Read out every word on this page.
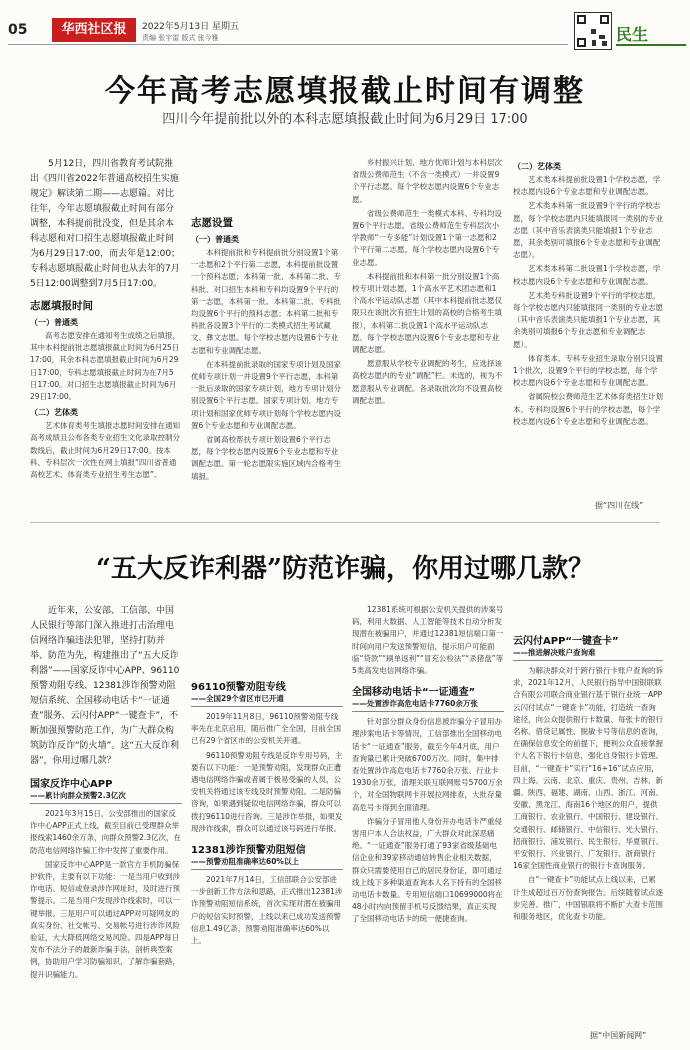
05	华西社区报	2022年5月13日 星期五
责编 张宇雷 版式 张今雅	民生
今年高考志愿填报截止时间有调整
四川今年提前批以外的本科志愿填报截止时间为6月29日 17:00

5月12日，四川省教育考试院推出《四川省2022年普通高校招生实施规定》解读第二期——志愿篇。对比往年，今年志愿填报截止时间有部分调整，本科提前批没变，但是其余本科志愿和对口招生志愿填报截止时间为6月29日17:00，而去年是12:00；专科志愿填报截止时间也从去年的7月5日12:00调整到7月5日17:00。

志愿填报时间
（一）普通类

高考志愿安排在通知考生成绩之后填报，其中本科提前批志愿填报截止时间为6月25日17:00，其余本科志愿填报截止时间为6月29日17:00，专科志愿填报截止时间为在7月5日17:00。对口招生志愿填报截止时间为6月29日17:00。

（二）艺体类

艺术体育类考生填报志愿时间安排在通知高考成绩且公布各类专业招生文化录取控制分数线后，截止时间为6月29日17:00。按本科、专科层次一次性在网上填报“四川省普通高校艺术、体育类专业招生考生志愿”。

志愿设置
（一）普通类

本科提前批和专科提前批分别设置1个第一志愿和2个平行第二志愿，本科提前批设置一个预科志愿；本科第一批、本科第二批、专科批、对口招生本科和专科均设置9个平行的第一志愿，本科第一批、本科第二批、专科批均设置6个平行的预科志愿；本科第二批和专科批各设置3个平行的二类模式招生考试藏文、彝文志愿。每个学校志愿内设置6个专业志愿和专业调配志愿。

在本科提前批录取的国家专项计划及国家优师专项计划一并设置9个平行志愿，本科第一批后录取的国家专项计划，地方专项计划分别设置6个平行志愿。国家专项计划、地方专项计划和国家优师专项计划每个学校志愿内设置6个专业志愿和专业调配志愿。

省属高校帮扶专项计划设置6个平行志愿，每个学校志愿内设置6个专业志愿和专业调配志愿。第一轮志愿限实施区域内合格考生填报。

乡村振兴计划、地方优师计划与本科层次省级公费师范生（不含一类模式）一并设置9个平行志愿。每个学校志愿内设置6个专业志愿。

省级公费师范生一类模式本科、专科均设置6个平行志愿。省级公费师范生专科层次小学教师“一专多能”计划设置1个第一志愿和2个平行第二志愿。每个学校志愿内设置6个专业志愿。

本科提前批和本科第一批分别设置1个高校专项计划志愿，1个高水平艺术团志愿和1个高水平运动队志愿（其中本科提前批志愿仅限只在该批次有招生计划的高校的合格考生填报），本科第二批设置1个高水平运动队志愿。每个学校志愿内设置6个专业志愿和专业调配志愿。

愿意服从学校专业调配的考生，应选择该高校志愿内的专业“调配”栏。未选的，视为不愿意服从专业调配。各录取批次均不设置高校调配志愿。

（二）艺体类

艺术类本科提前批设置1个学校志愿，学校志愿内设6个专业志愿和专业调配志愿。

艺术类本科第一批设置9个平行的学校志愿，每个学校志愿内只能填报同一类别的专业志愿（其中音乐表演类只能填报1个专业志愿，其余类别可填报6个专业志愿和专业调配志愿）。

艺术类本科第二批设置1个学校志愿，学校志愿内设6个专业志愿和专业调配志愿。

艺术类专科批设置9个平行的学校志愿，每个学校志愿内只能填报同一类别的专业志愿（其中音乐表演类只能填报1个专业志愿，其余类别可填报6个专业志愿和专业调配志愿）。

体育类本、专科专业招生录取分别只设置1个批次，设置9个平行的学校志愿，每个学校志愿内设6个专业志愿和专业调配志愿。

省属院校公费师范生艺术体育类招生计划本、专科均设置6个平行的学校志愿，每个学校志愿内设6个专业志愿和专业调配志愿。

据“四川在线”
“五大反诈利器”防范诈骗，你用过哪几款？

近年来，公安部、工信部、中国人民银行等部门深入推进打击治理电信网络诈骗违法犯罪，坚持打防并举、防范为先，构建推出了“五大反诈利器”——国家反诈中心APP、96110预警劝阻专线、12381涉诈预警劝阻短信系统、全国移动电话卡“一证通查”服务、云闪付APP“一键查卡”，不断加强预警防范工作，为广大群众构筑防诈反诈“防火墙”。这“五大反诈利器”，你用过哪几款？

国家反诈中心APP
——累计向群众预警2.3亿次

2021年3月15日，公安部推出的国家反诈中心APP正式上线，截至目前已受理群众举报线索1460余万条，向群众预警2.3亿次，在防范电信网络诈骗工作中发挥了重要作用。

国家反诈中心APP是一款官方手机防骗保护软件，主要有以下功能：一是当用户收到涉诈电话、短信或登录涉诈网址时，及时进行预警提示。二是当用户发现涉诈线索时，可以一键举报。三是用户可以通过APP对可疑网友的真实身份、社交帐号、交易帐号进行涉诈风险验证，大大降低网络交易风险。四是APP每日发布不法分子的最新诈骗手法，剖析典型案例，协助用户学习防骗知识，了解诈骗套路，提升识骗能力。

96110预警劝阻专线
——全国29个省区市已开通

2019年11月8日，96110预警劝阻专线率先在北京启用，随后推广全全国，目前全国已有29个省区市的公安机关开通。

96110预警劝阻专线是反诈专用号码，主要有以下功能：一是预警劝阻，发现群众正遭遇电信网络诈骗或者属于极易受骗的人员，公安机关将通过该专线及时预警劝阻。二是防骗咨询，如果遇到疑似电信网络诈骗，群众可以拨打96110进行咨询。三是涉诈举报，如果发现涉诈线索，群众可以通过该号码进行举报。

12381涉诈预警劝阻短信
——预警劝阻准确率达60%以上

2021年7月14日，工信部联合公安部进一步创新工作方法和思路，正式推出12381涉诈预警劝阻短信系统，首次实现对潜在被骗用户的短信实时预警，上线以来已成功发送预警信息1.49亿条，预警劝阻准确率达60%以上。

12381系统可根据公安机关提供的涉案号码，利用大数据、人工智能等技术自动分析发现潜在被骗用户，并通过12381短信端口第一时间向用户发送预警短信，提示用户可能面临“贷款”“刷单返利”“冒充公检法”“杀猪盘”等5类高发电信网络诈骗。

全国移动电话卡“一证通查”
——处置涉诈高危电话卡7760余万张

针对部分群众身份信息被诈骗分子冒用办理涉案电话卡等情况，工信部推出全国移动电话卡“一证通查”服务，截至今年4月底，用户查询量已累计突破6700万次。同时，集中排查处置涉诈高危电话卡7760余万张、行业卡1930余万张，清理关联互联网账号5700万余个，对全国物联网卡开展拉网排查，大批存量高危号卡得到全面清理。

诈骗分子冒用他人身份开办电话卡严重侵害用户本人合法权益，广大群众对此深恶痛绝。“一证通查”服务打通了93家省级基础电信企业和39家移动通信转售企业相关数据，群众只需要使用自己的居民身份证，即可通过线上线下多种渠道查询本人名下持有的全国移动电话卡数量。专用短信端口10699000将在48小时内向预留手机号反馈结果，真正实现了全国移动电话卡的统一便捷查询。

云闪付APP“一键查卡”
——推进解决账户查询难

为解决群众对于跨行银行卡账户查询的诉求，2021年12月，人民银行指导中国银联联合有限公司联合商业银行基于银行业统一APP云闪付试点“一键查卡”功能，打造统一查询途径，向公众提供银行卡数量、每张卡的银行名称、借贷记属性、脱敏卡号等信息的查询，在确保信息安全的前提下，便利公众直接掌握个人名下银行卡信息，强化自身银行卡管理。目前，“一键查卡”实行“16+16”试点应用，四上海、云南、北京、重庆、贵州、吉林、新疆、陕西、福建、湖南、山西、浙江、河南、安徽、黑龙江、海南16个地区的用户，提供工商银行、农业银行、中国银行、建设银行、交通银行、邮储银行、中信银行、光大银行、招商银行、浦发银行、民生银行、华夏银行、平安银行、兴业银行、广发银行、浙商银行16家全国性商业银行的银行卡查询服务。

自“一键查卡”功能试点上线以来，已累计生成超过百万份查询报告。后续随着试点逐步完善、推广，中国银联将不断扩大查卡范围和服务地区，优化查卡功能。

据“中国新闻网”
